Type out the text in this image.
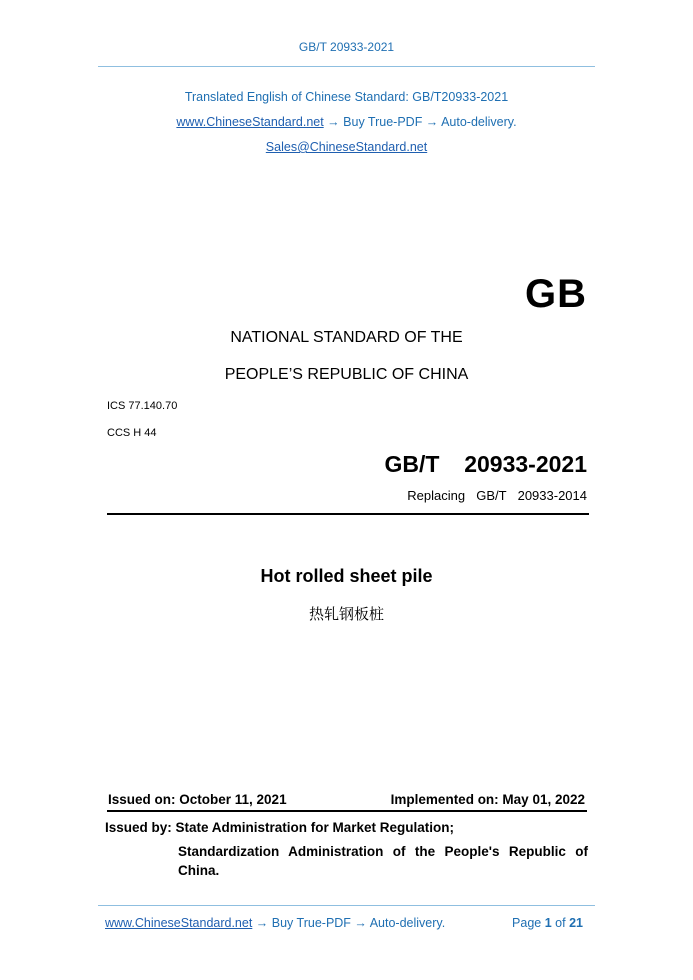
GB/T 20933-2021
Translated English of Chinese Standard: GB/T20933-2021
www.ChineseStandard.net → Buy True-PDF → Auto-delivery.
Sales@ChineseStandard.net
GB
NATIONAL STANDARD OF THE
PEOPLE’S REPUBLIC OF CHINA
ICS 77.140.70
CCS H 44
GB/T  20933-2021
Replacing  GB/T  20933-2014
Hot rolled sheet pile
热轧钢板桩
Issued on: October 11, 2021	Implemented on: May 01, 2022
Issued by: State Administration for Market Regulation;
Standardization Administration of the People's Republic of China.
www.ChineseStandard.net → Buy True-PDF → Auto-delivery.	Page 1 of 21
